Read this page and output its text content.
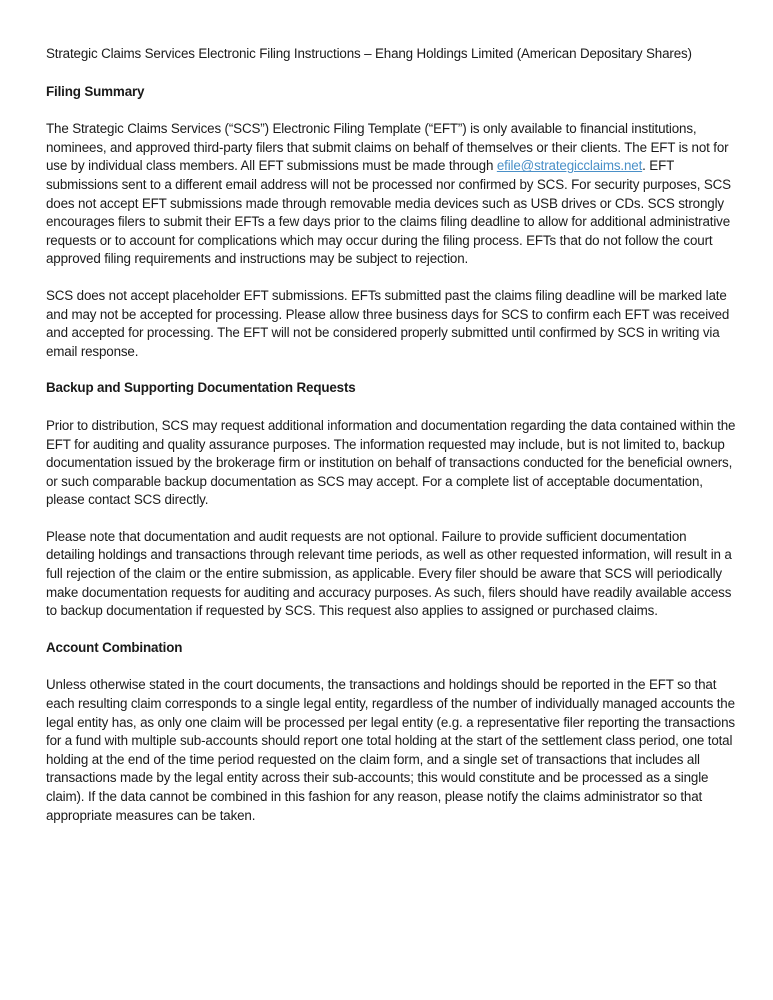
Strategic Claims Services Electronic Filing Instructions – Ehang Holdings Limited (American Depositary Shares)

Filing Summary

The Strategic Claims Services (“SCS”) Electronic Filing Template (“EFT”) is only available to financial institutions, nominees, and approved third-party filers that submit claims on behalf of themselves or their clients. The EFT is not for use by individual class members. All EFT submissions must be made through efile@strategicclaims.net. EFT submissions sent to a different email address will not be processed nor confirmed by SCS. For security purposes, SCS does not accept EFT submissions made through removable media devices such as USB drives or CDs. SCS strongly encourages filers to submit their EFTs a few days prior to the claims filing deadline to allow for additional administrative requests or to account for complications which may occur during the filing process. EFTs that do not follow the court approved filing requirements and instructions may be subject to rejection.

SCS does not accept placeholder EFT submissions. EFTs submitted past the claims filing deadline will be marked late and may not be accepted for processing. Please allow three business days for SCS to confirm each EFT was received and accepted for processing. The EFT will not be considered properly submitted until confirmed by SCS in writing via email response.

Backup and Supporting Documentation Requests

Prior to distribution, SCS may request additional information and documentation regarding the data contained within the EFT for auditing and quality assurance purposes. The information requested may include, but is not limited to, backup documentation issued by the brokerage firm or institution on behalf of transactions conducted for the beneficial owners, or such comparable backup documentation as SCS may accept. For a complete list of acceptable documentation, please contact SCS directly.

Please note that documentation and audit requests are not optional. Failure to provide sufficient documentation detailing holdings and transactions through relevant time periods, as well as other requested information, will result in a full rejection of the claim or the entire submission, as applicable. Every filer should be aware that SCS will periodically make documentation requests for auditing and accuracy purposes. As such, filers should have readily available access to backup documentation if requested by SCS. This request also applies to assigned or purchased claims.

Account Combination

Unless otherwise stated in the court documents, the transactions and holdings should be reported in the EFT so that each resulting claim corresponds to a single legal entity, regardless of the number of individually managed accounts the legal entity has, as only one claim will be processed per legal entity (e.g. a representative filer reporting the transactions for a fund with multiple sub-accounts should report one total holding at the start of the settlement class period, one total holding at the end of the time period requested on the claim form, and a single set of transactions that includes all transactions made by the legal entity across their sub-accounts; this would constitute and be processed as a single claim). If the data cannot be combined in this fashion for any reason, please notify the claims administrator so that appropriate measures can be taken.
